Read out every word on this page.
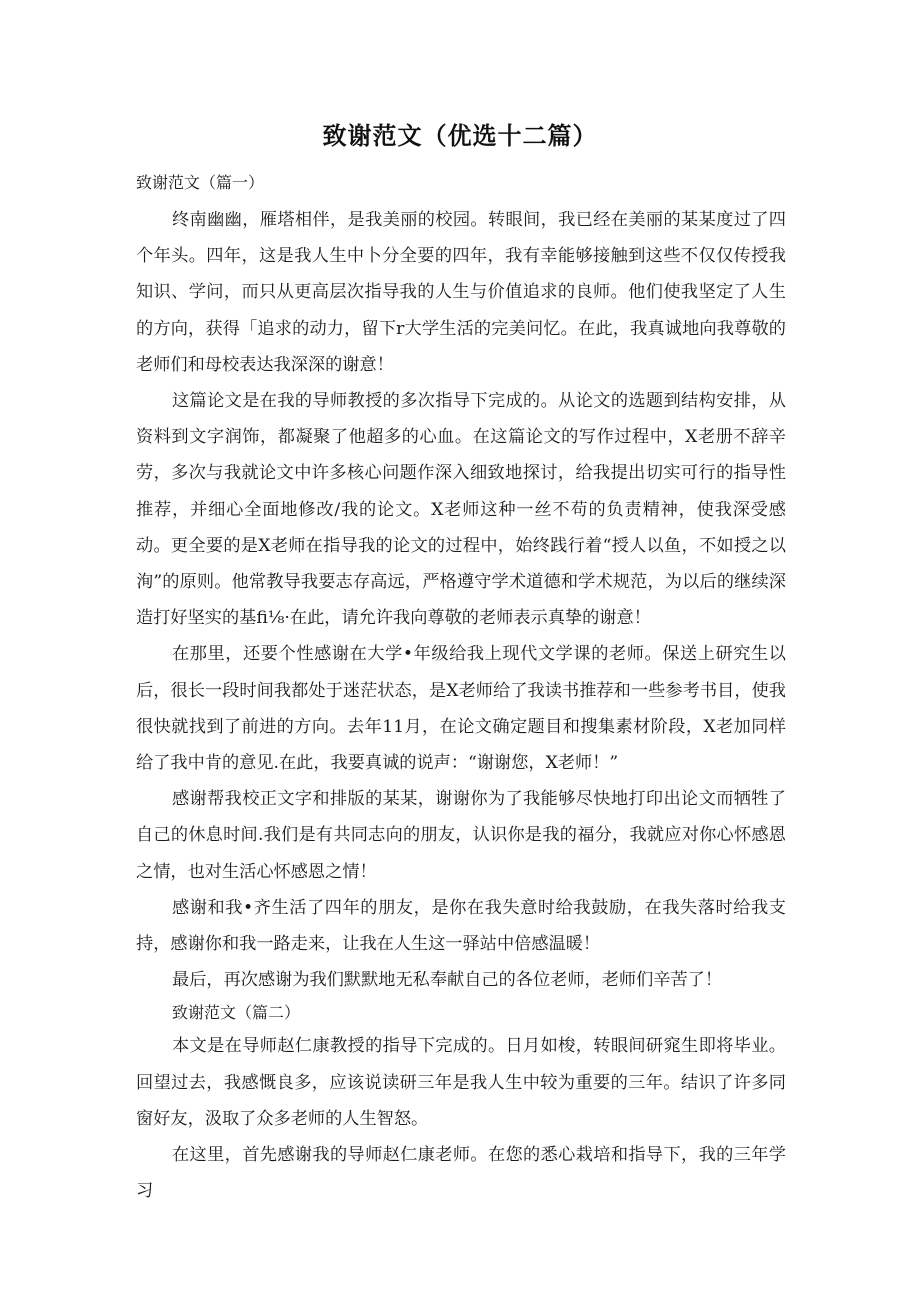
致谢范文（优选十二篇）

致谢范文（篇一）

终南幽幽，雁塔相伴，是我美丽的校园。转眼间，我已经在美丽的某某度过了四个年头。四年，这是我人生中卜分全要的四年，我有幸能够接触到这些不仅仅传授我知识、学问，而只从更高层次指导我的人生与价值追求的良师。他们使我坚定了人生的方向，获得「追求的动力，留下r大学生活的完美问忆。在此，我真诚地向我尊敬的老师们和母校表达我深深的谢意！

这篇论文是在我的导师教授的多次指导下完成的。从论文的选题到结构安排，从资料到文字润饰，都凝聚了他超多的心血。在这篇论文的写作过程中，X老册不辞辛劳，多次与我就论文中许多核心问题作深入细致地探讨，给我提出切实可行的指导性推荐，并细心全面地修改/我的论文。X老师这种一丝不苟的负责精神，使我深受感动。更全要的是X老师在指导我的论文的过程中，始终践行着“授人以鱼，不如授之以洵”的原则。他常教导我要志存高远，严格遵守学术道德和学术规范，为以后的继续深造打好坚实的基fi⅛·在此，请允许我向尊敬的老师表示真挚的谢意！

在那里，还要个性感谢在大学•年级给我上现代文学课的老师。保送上研究生以后，很长一段时间我都处于迷茫状态，是X老师给了我读书推荐和一些参考书目，使我很快就找到了前进的方向。去年11月，在论文确定题目和搜集素材阶段，X老加同样给了我中肯的意见.在此，我要真诚的说声：“谢谢您，X老师！”

感谢帮我校正文字和排版的某某，谢谢你为了我能够尽快地打印出论文而牺牲了自己的休息时间.我们是有共同志向的朋友，认识你是我的福分，我就应对你心怀感恩之情，也对生活心怀感恩之情！

感谢和我•齐生活了四年的朋友，是你在我失意时给我鼓励，在我失落时给我支持，感谢你和我一路走来，让我在人生这一驿站中倍感温暖！

最后，再次感谢为我们默默地无私奉献自己的各位老师，老师们辛苦了！

致谢范文（篇二）

本文是在导师赵仁康教授的指导下完成的。日月如梭，转眼间研窕生即将毕业。回望过去，我感慨良多，应该说读研三年是我人生中较为重要的三年。结识了许多同窗好友，汲取了众多老师的人生智怒。

在这里，首先感谢我的导师赵仁康老师。在您的悉心栽培和指导下，我的三年学习
